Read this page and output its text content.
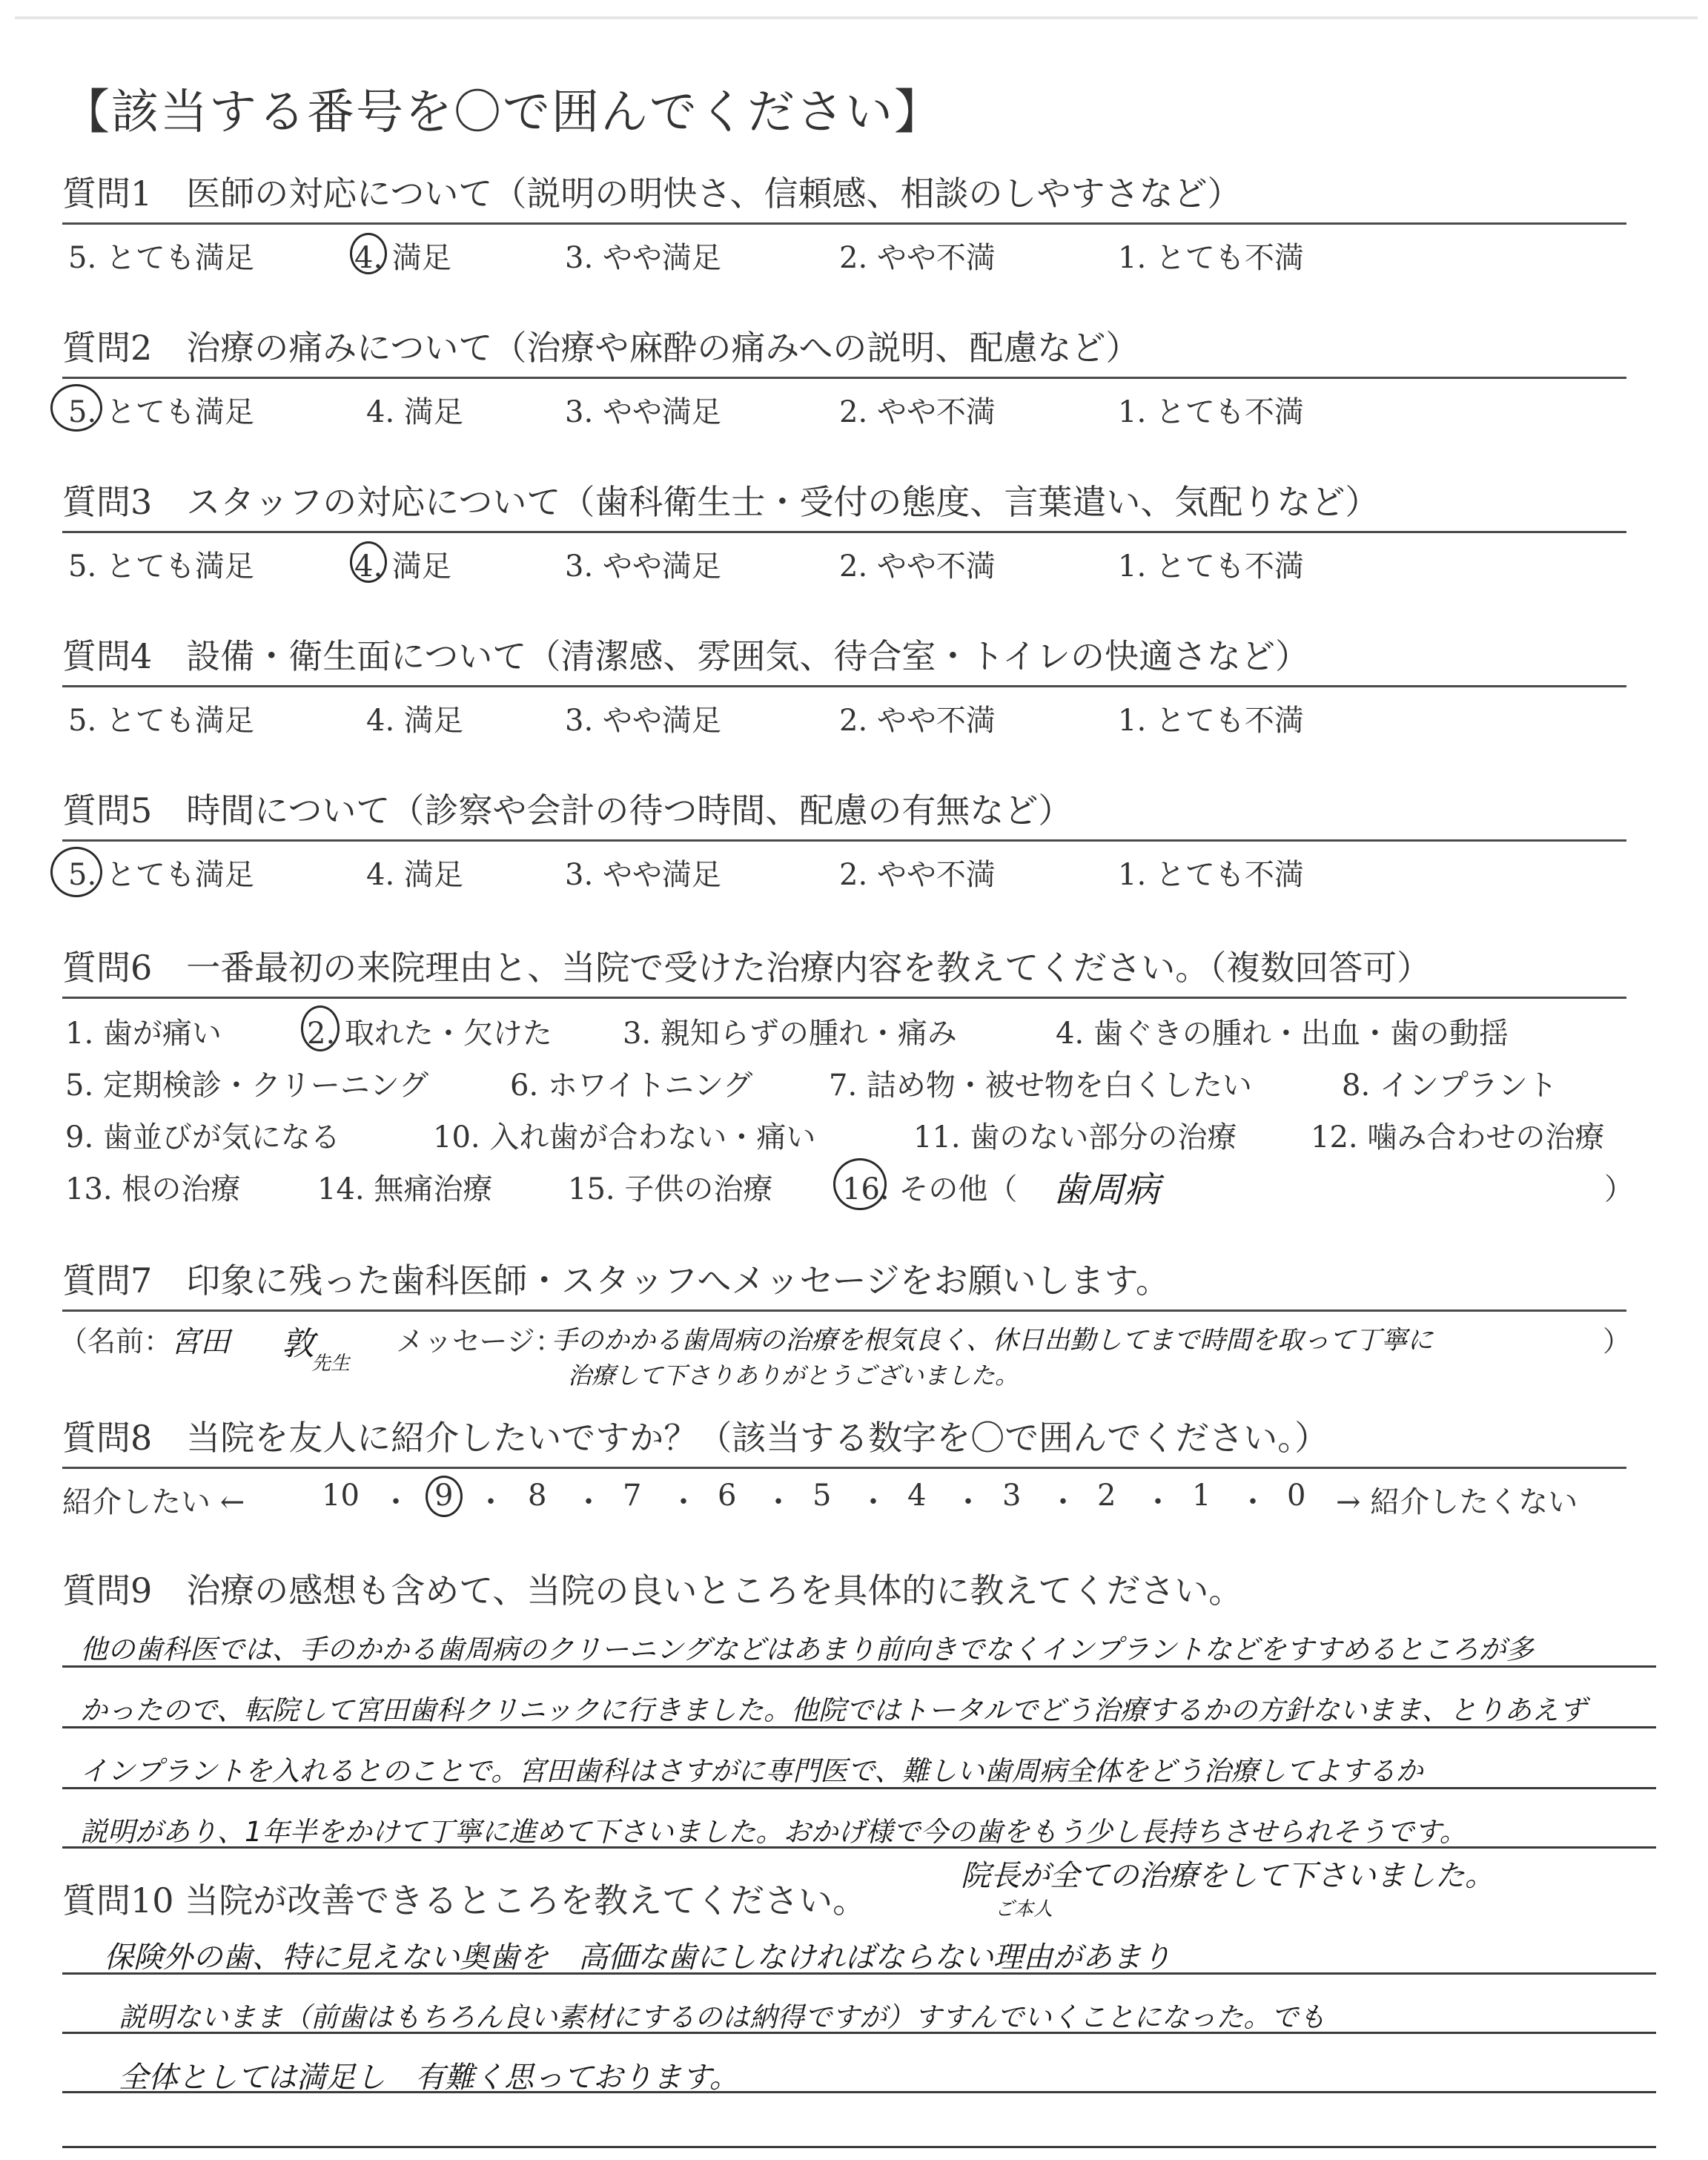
【該当する番号を〇で囲んでください】
質問1　医師の対応について（説明の明快さ、信頼感、相談のしやすさなど）
5. とても満足	4. 満足	3. やや満足	2. やや不満	1. とても不満
質問2　治療の痛みについて（治療や麻酔の痛みへの説明、配慮など）
5. とても満足	4. 満足	3. やや満足	2. やや不満	1. とても不満
質問3　スタッフの対応について（歯科衛生士・受付の態度、言葉遣い、気配りなど）
5. とても満足	4. 満足	3. やや満足	2. やや不満	1. とても不満
質問4　設備・衛生面について（清潔感、雰囲気、待合室・トイレの快適さなど）
5. とても満足	4. 満足	3. やや満足	2. やや不満	1. とても不満
質問5　時間について（診察や会計の待つ時間、配慮の有無など）
5. とても満足	4. 満足	3. やや満足	2. やや不満	1. とても不満
質問6　一番最初の来院理由と、当院で受けた治療内容を教えてください。（複数回答可）
1. 歯が痛い	2. 取れた・欠けた 3. 親知らずの腫れ・痛み	4. 歯ぐきの腫れ・出血・歯の動揺
5. 定期検診・クリーニング	6. ホワイトニング	7. 詰め物・被せ物を白くしたい	8. インプラント
9. 歯並びが気になる	10. 入れ歯が合わない・痛い	11. 歯のない部分の治療 12. 噛み合わせの治療
13. 根の治療	14. 無痛治療	15. 子供の治療 16. その他（ 歯周病	）
質問7　印象に残った歯科医師・スタッフへメッセージをお願いします。
（名前：
宮田 敦
先生
メッセージ：
手のかかる歯周病の治療を根気良く、休日出勤してまで時間を取って丁寧に	）
治療して下さりありがとうございました。
質問8　当院を友人に紹介したいですか？（該当する数字を〇で囲んでください。）
紹介したい ←	10 ・ 9 ・ 8 ・ 7 ・ 6 ・ 5 ・ 4 ・ 3 ・ 2 ・ 1 ・ 0 → 紹介したくない
質問9　治療の感想も含めて、当院の良いところを具体的に教えてください。
他の歯科医では、手のかかる歯周病のクリーニングなどはあまり前向きでなくインプラントなどをすすめるところが多
かったので、転院して宮田歯科クリニックに行きました。他院ではトータルでどう治療するかの方針ないまま、とりあえず
インプラントを入れるとのことで。宮田歯科はさすがに専門医で、難しい歯周病全体をどう治療してよするか
説明があり、1年半をかけて丁寧に進めて下さいました。おかげ様で今の歯をもう少し長持ちさせられそうです。
質問10 当院が改善できるところを教えてください。
院長が全ての治療をして下さいました。
ご本人
保険外の歯、特に見えない奥歯を　高価な歯にしなければならない理由があまり
説明ないまま（前歯はもちろん良い素材にするのは納得ですが）すすんでいくことになった。でも
全体としては満足し　有難く思っております。
